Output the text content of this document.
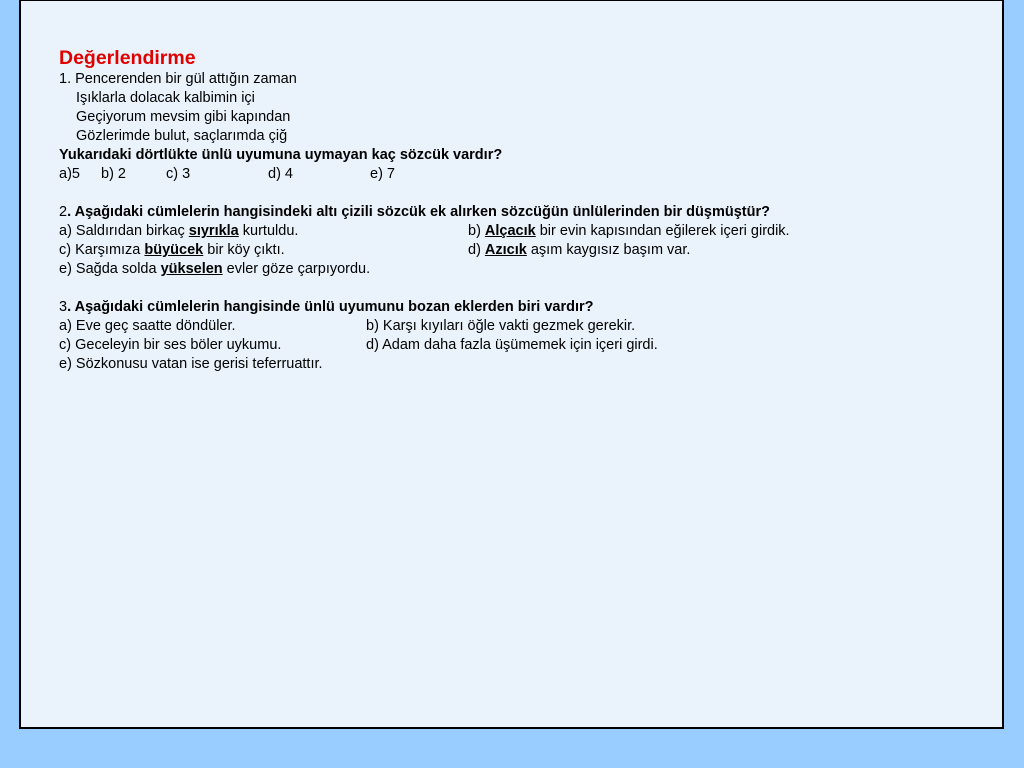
Değerlendirme
1. Pencerenden bir gül attığın zaman
Işıklarla dolacak kalbimin içi
Geçiyorum mevsim gibi kapından
Gözlerimde bulut, saçlarımda çiğ
Yukarıdaki dörtlükte ünlü uyumuna uymayan kaç sözcük vardır?
a)5 b) 2	c) 3	d) 4	e) 7
2. Aşağıdaki cümlelerin hangisindeki altı çizili sözcük ek alırken sözcüğün ünlülerinden bir düşmüştür?
a) Saldırıdan birkaç sıyrıkla kurtuldu.	b) Alçacık bir evin kapısından eğilerek içeri girdik.
c) Karşımıza büyücek bir köy çıktı.	d) Azıcık aşım kaygısız başım var.
e) Sağda solda yükselen evler göze çarpıyordu.
3. Aşağıdaki cümlelerin hangisinde ünlü uyumunu bozan eklerden biri vardır?
a) Eve geç saatte döndüler.	b) Karşı kıyıları öğle vakti gezmek gerekir.
c) Geceleyin bir ses böler uykumu.	d) Adam daha fazla üşümemek için içeri girdi.
e) Sözkonusu vatan ise gerisi teferruattır.
